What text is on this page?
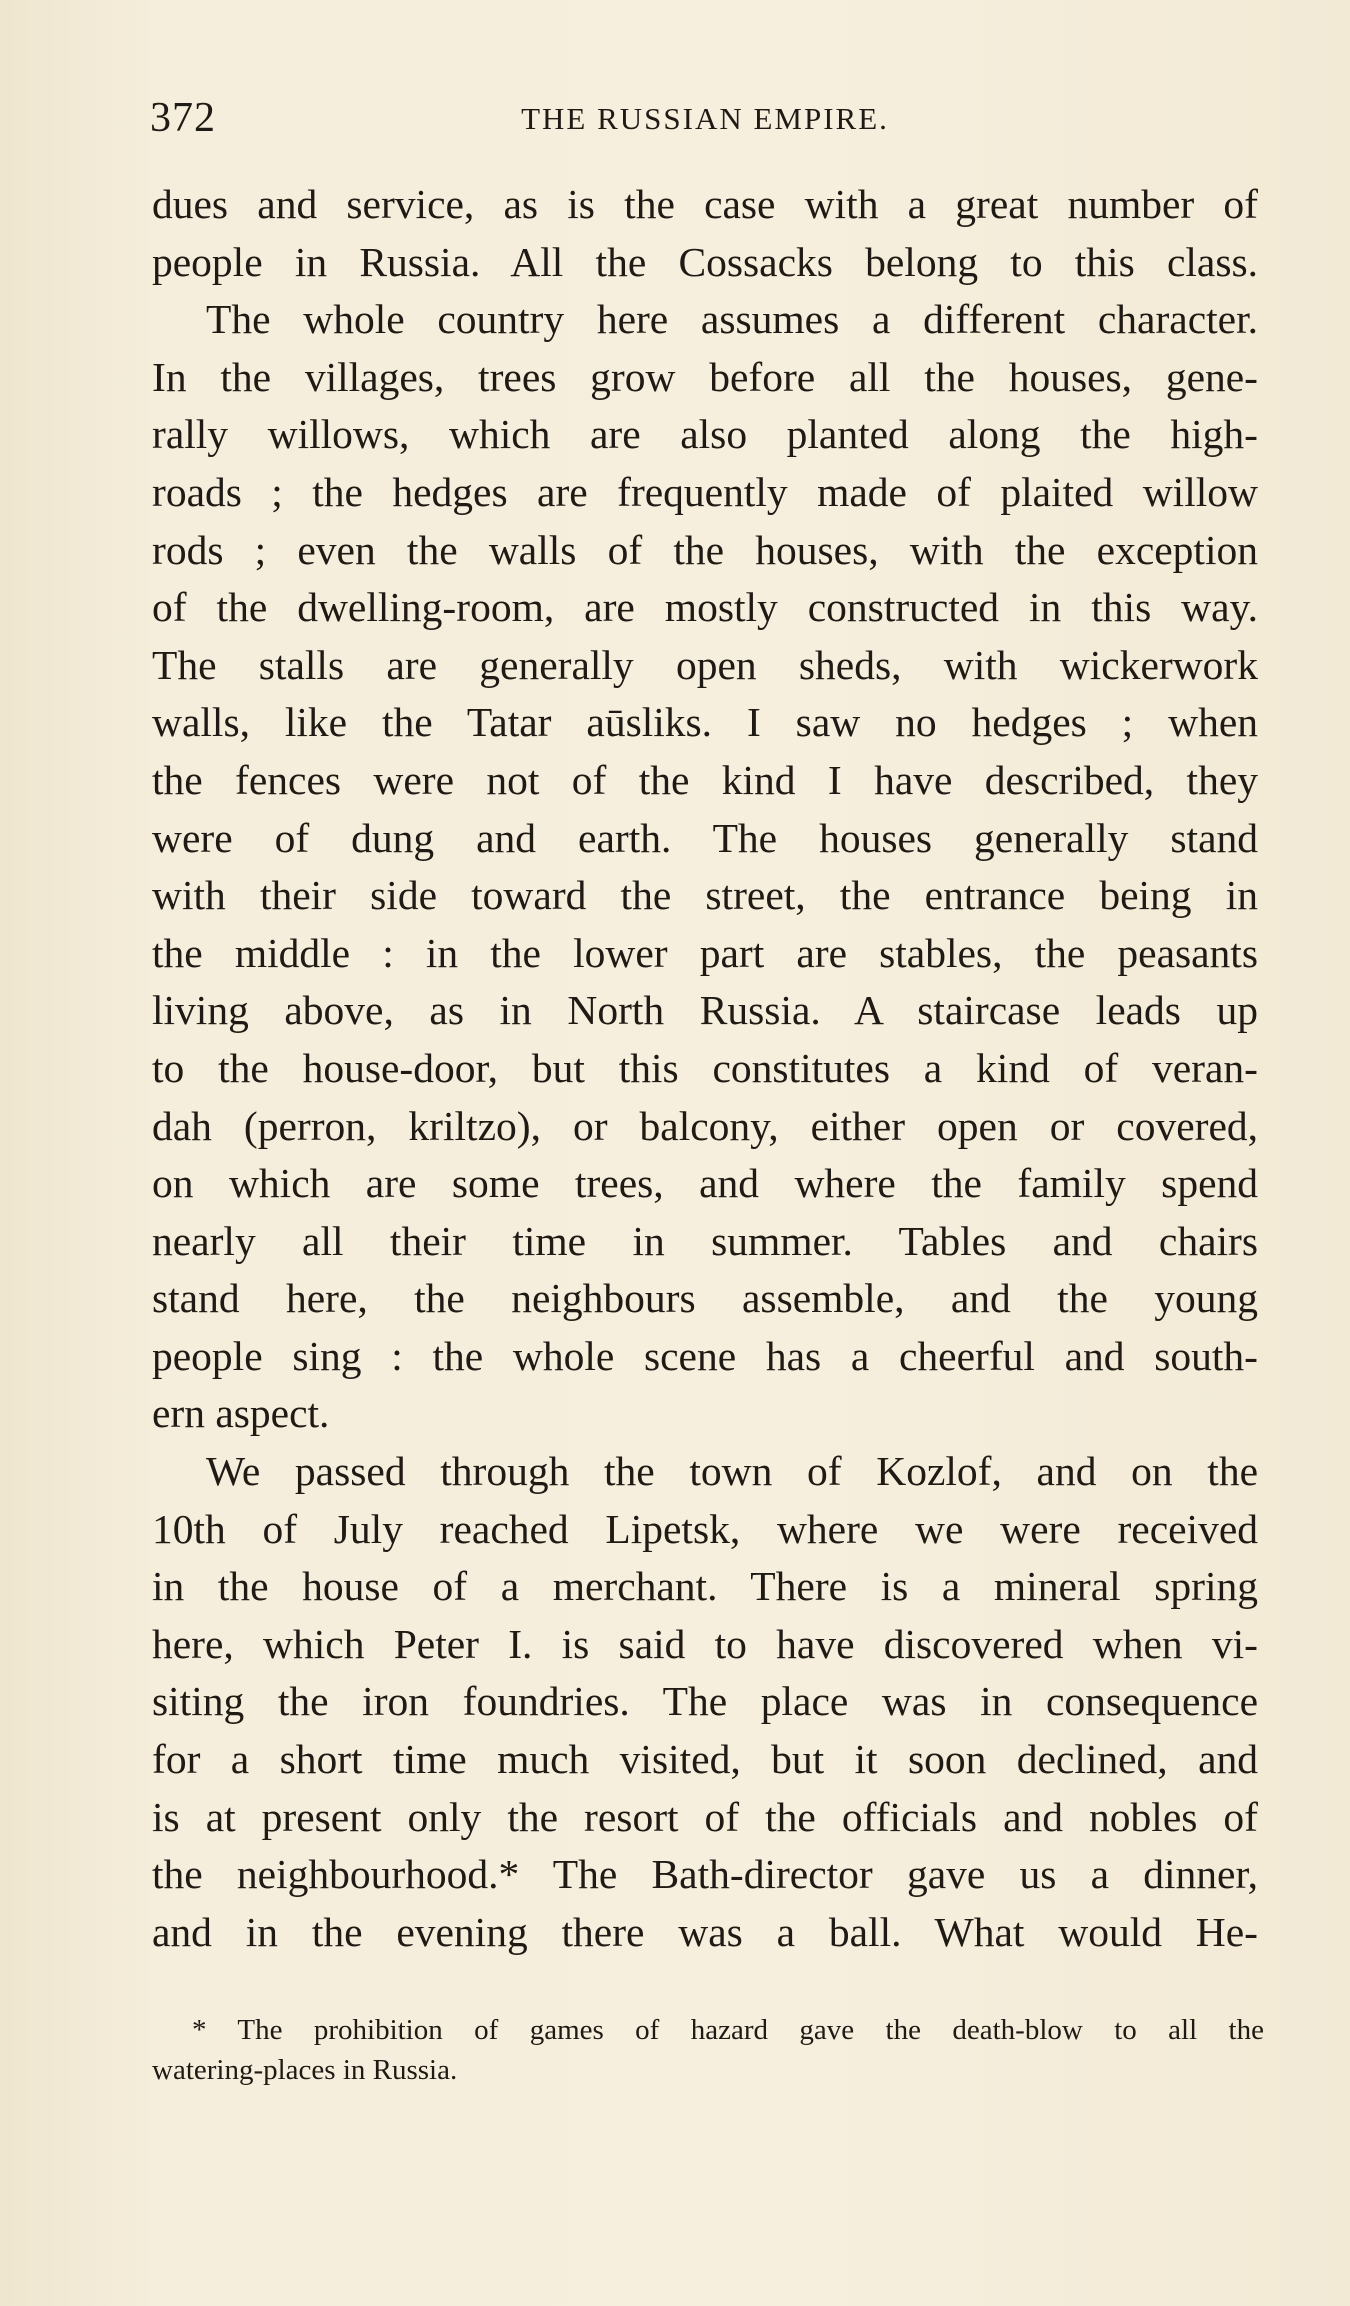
372	THE RUSSIAN EMPIRE.
dues and service, as is the case with a great number of
people in Russia. All the Cossacks belong to this class.
The whole country here assumes a different character.
In the villages, trees grow before all the houses, gene-
rally willows, which are also planted along the high-
roads ; the hedges are frequently made of plaited willow
rods ; even the walls of the houses, with the exception
of the dwelling-room, are mostly constructed in this way.
The stalls are generally open sheds, with wickerwork
walls, like the Tatar aūsliks. I saw no hedges ; when
the fences were not of the kind I have described, they
were of dung and earth. The houses generally stand
with their side toward the street, the entrance being in
the middle : in the lower part are stables, the peasants
living above, as in North Russia. A staircase leads up
to the house-door, but this constitutes a kind of veran-
dah (perron, kriltzo), or balcony, either open or covered,
on which are some trees, and where the family spend
nearly all their time in summer. Tables and chairs
stand here, the neighbours assemble, and the young
people sing : the whole scene has a cheerful and south-
ern aspect.
We passed through the town of Kozlof, and on the
10th of July reached Lipetsk, where we were received
in the house of a merchant. There is a mineral spring
here, which Peter I. is said to have discovered when vi-
siting the iron foundries. The place was in consequence
for a short time much visited, but it soon declined, and
is at present only the resort of the officials and nobles of
the neighbourhood.* The Bath-director gave us a dinner,
and in the evening there was a ball. What would He-
* The prohibition of games of hazard gave the death-blow to all the
watering-places in Russia.
